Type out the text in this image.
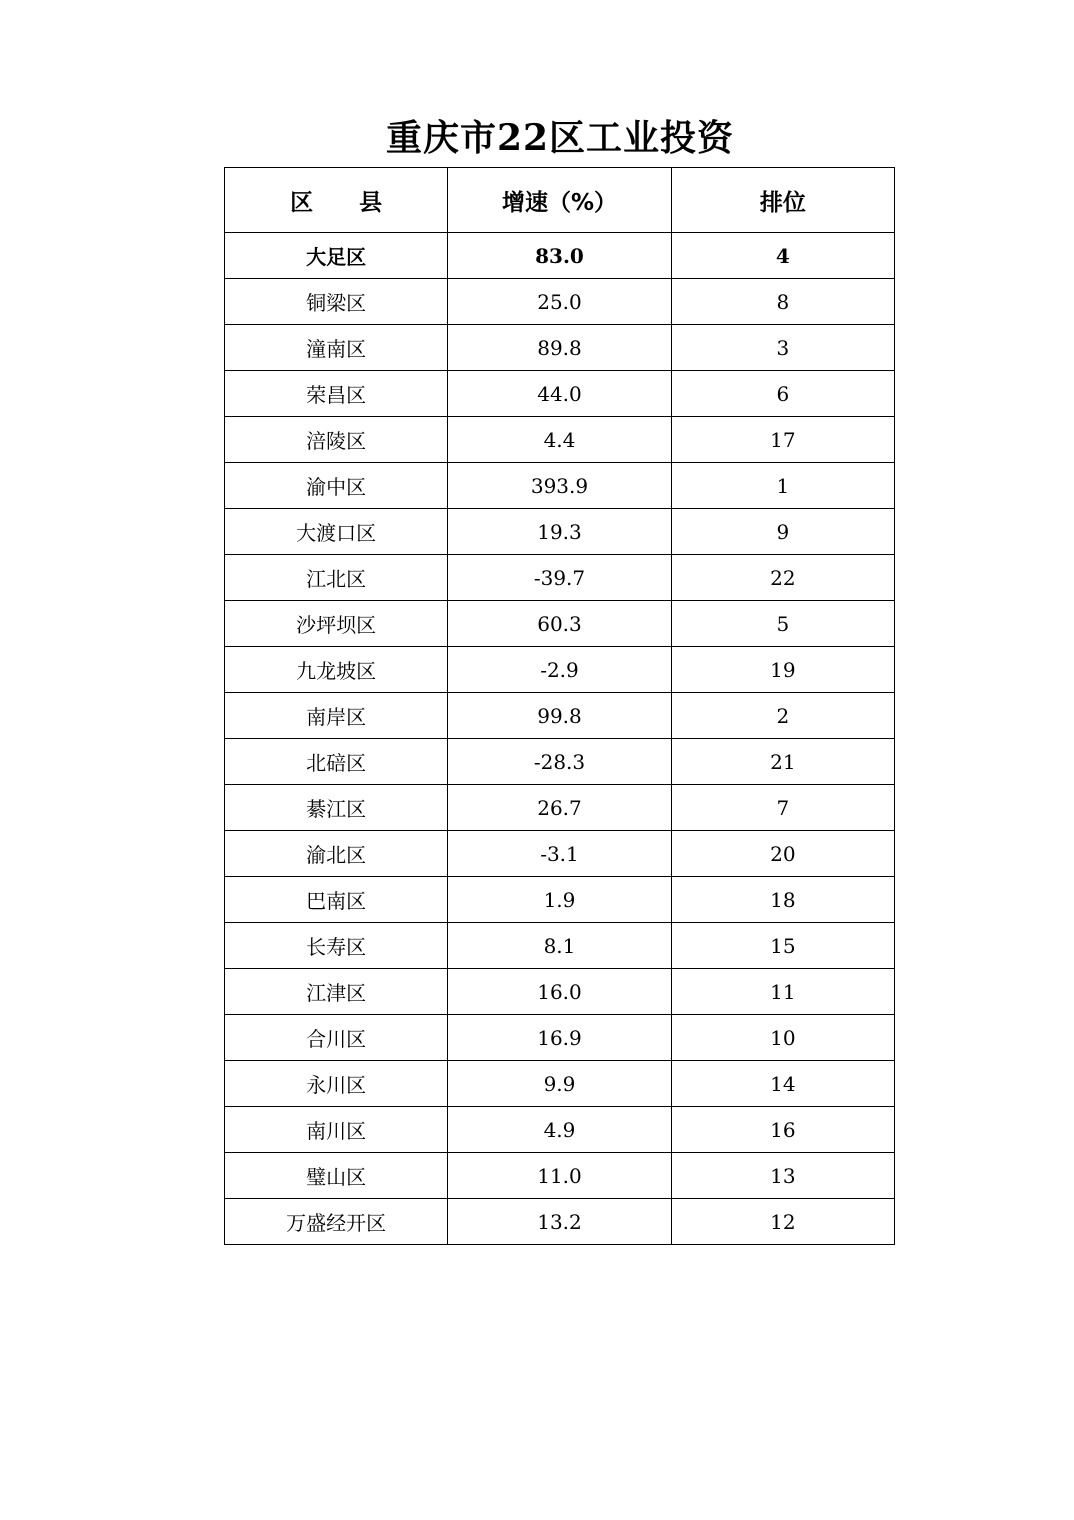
重庆市22区工业投资
区　　县	增速（%）	排位
大足区	83.0	4
铜梁区	25.0	8
潼南区	89.8	3
荣昌区	44.0	6
涪陵区	4.4	17
渝中区	393.9	1
大渡口区	19.3	9
江北区	-39.7	22
沙坪坝区	60.3	5
九龙坡区	-2.9	19
南岸区	99.8	2
北碚区	-28.3	21
綦江区	26.7	7
渝北区	-3.1	20
巴南区	1.9	18
长寿区	8.1	15
江津区	16.0	11
合川区	16.9	10
永川区	9.9	14
南川区	4.9	16
璧山区	11.0	13
万盛经开区	13.2	12
